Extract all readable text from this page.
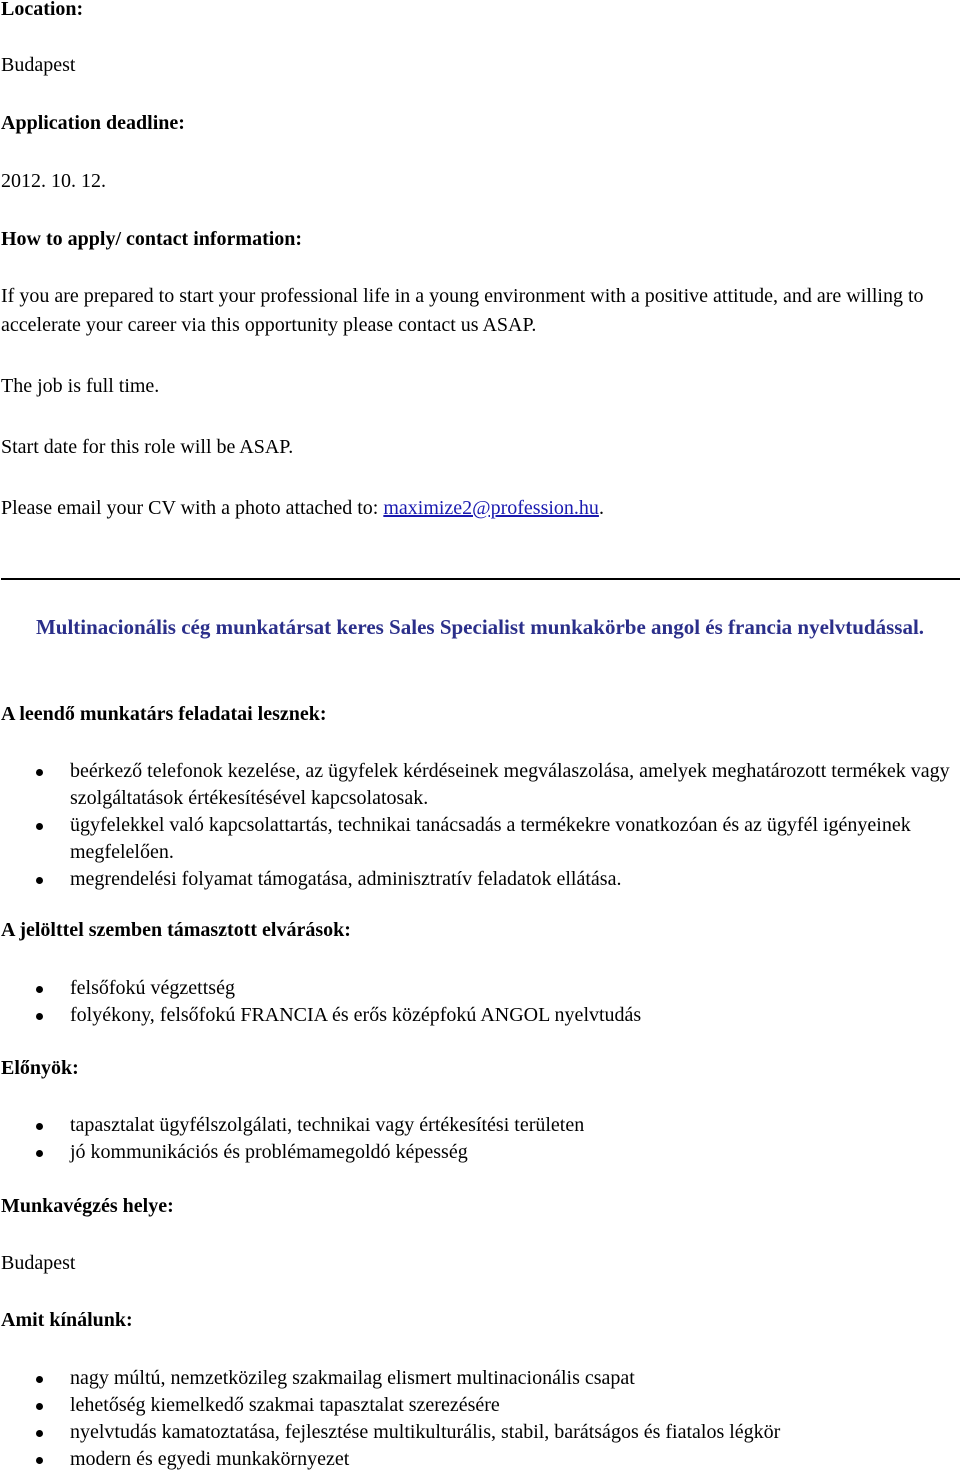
Location:

Budapest

Application deadline:

2012. 10. 12.

How to apply/ contact information:

If you are prepared to start your professional life in a young environment with a positive attitude, and are willing to accelerate your career via this opportunity please contact us ASAP.

The job is full time.

Start date for this role will be ASAP.

Please email your CV with a photo attached to: maximize2@profession.hu.

Multinacionális cég munkatársat keres Sales Specialist munkakörbe angol és francia nyelvtudással.

A leendő munkatárs feladatai lesznek:

beérkező telefonok kezelése, az ügyfelek kérdéseinek megválaszolása, amelyek meghatározott termékek vagy szolgáltatások értékesítésével kapcsolatosak.
ügyfelekkel való kapcsolattartás, technikai tanácsadás a termékekre vonatkozóan és az ügyfél igényeinek megfelelően.
megrendelési folyamat támogatása, adminisztratív feladatok ellátása.

A jelölttel szemben támasztott elvárások:

felsőfokú végzettség
folyékony, felsőfokú FRANCIA és erős középfokú ANGOL nyelvtudás

Előnyök:

tapasztalat ügyfélszolgálati, technikai vagy értékesítési területen
jó kommunikációs és problémamegoldó képesség

Munkavégzés helye:

Budapest

Amit kínálunk:

nagy múltú, nemzetközileg szakmailag elismert multinacionális csapat
lehetőség kiemelkedő szakmai tapasztalat szerezésére
nyelvtudás kamatoztatása, fejlesztése multikulturális, stabil, barátságos és fiatalos légkör
modern és egyedi munkakörnyezet
